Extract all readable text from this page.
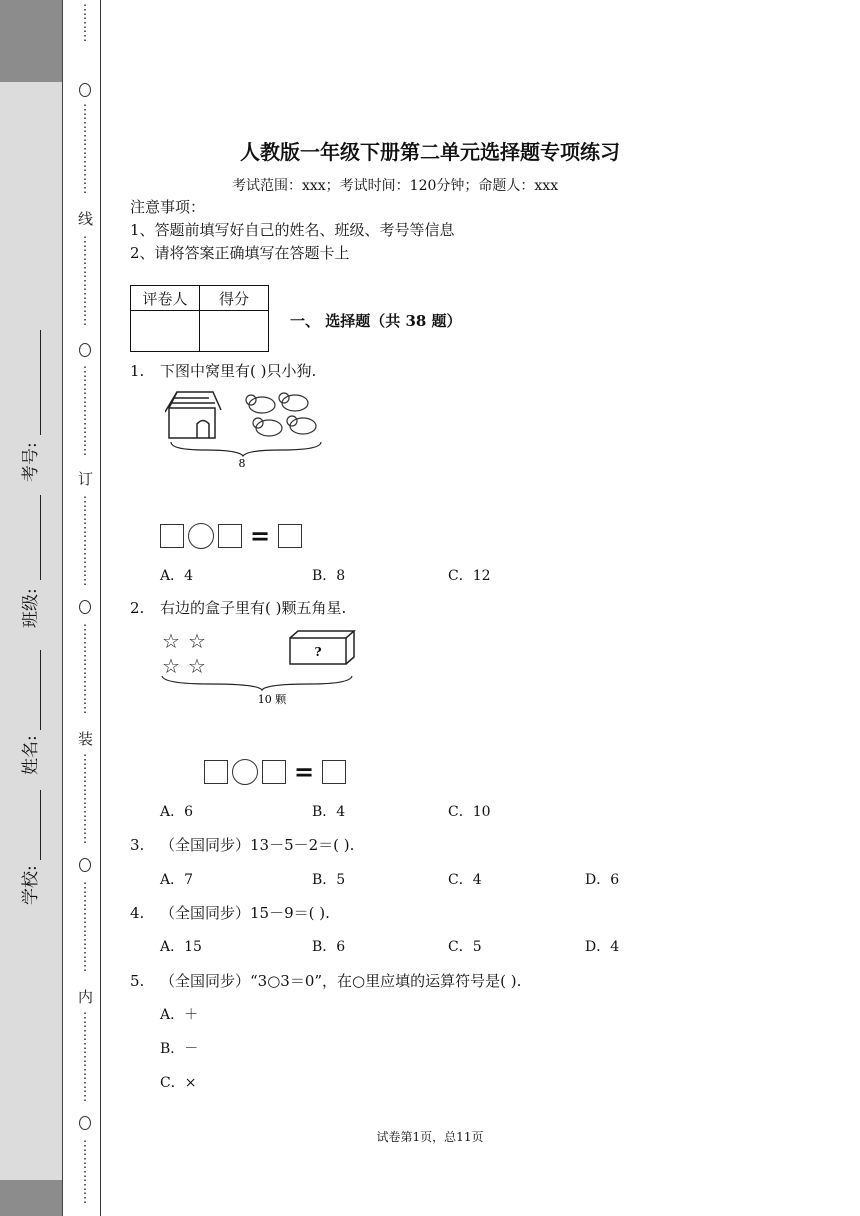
学校:
姓名:
班级:
考号:
⋮
⋮
⋮
⋮
⋮
⋮
⋮
⋮
⋮
⋮
线
⋮
⋮
⋮
⋮
⋮
⋮
⋮
⋮
⋮
⋮
⋮
⋮
⋮
⋮
订
⋮
⋮
⋮
⋮
⋮
⋮
⋮
⋮
⋮
⋮
⋮
⋮
⋮
⋮
装
⋮
⋮
⋮
⋮
⋮
⋮
⋮
⋮
⋮
⋮
⋮
⋮
⋮
⋮
内
⋮
⋮
⋮
⋮
⋮
⋮
⋮
⋮
⋮
⋮
⋮
⋮
人教版一年级下册第二单元选择题专项练习
考试范围：xxx；考试时间：120分钟；命题人：xxx
注意事项：
1、答题前填写好自己的姓名、班级、考号等信息
2、请将答案正确填写在答题卡上
评卷人	得分

一、 选择题（共 38 题）
1. 下图中窝里有( )只小狗.
8
=
A．4	B．8	C．12
2. 右边的盒子里有( )颗五角星.
☆ ☆
☆ ☆
?
10 颗
=
A．6	B．4	C．10
3. （全国同步）13－5－2＝( ).
A．7	B．5	C．4	D．6
4. （全国同步）15－9＝( ).
A．15	B．6	C．5	D．4
5. （全国同步）“3○3＝0”，在○里应填的运算符号是( ).
A．＋
B．－
C．×
试卷第1页，总11页
